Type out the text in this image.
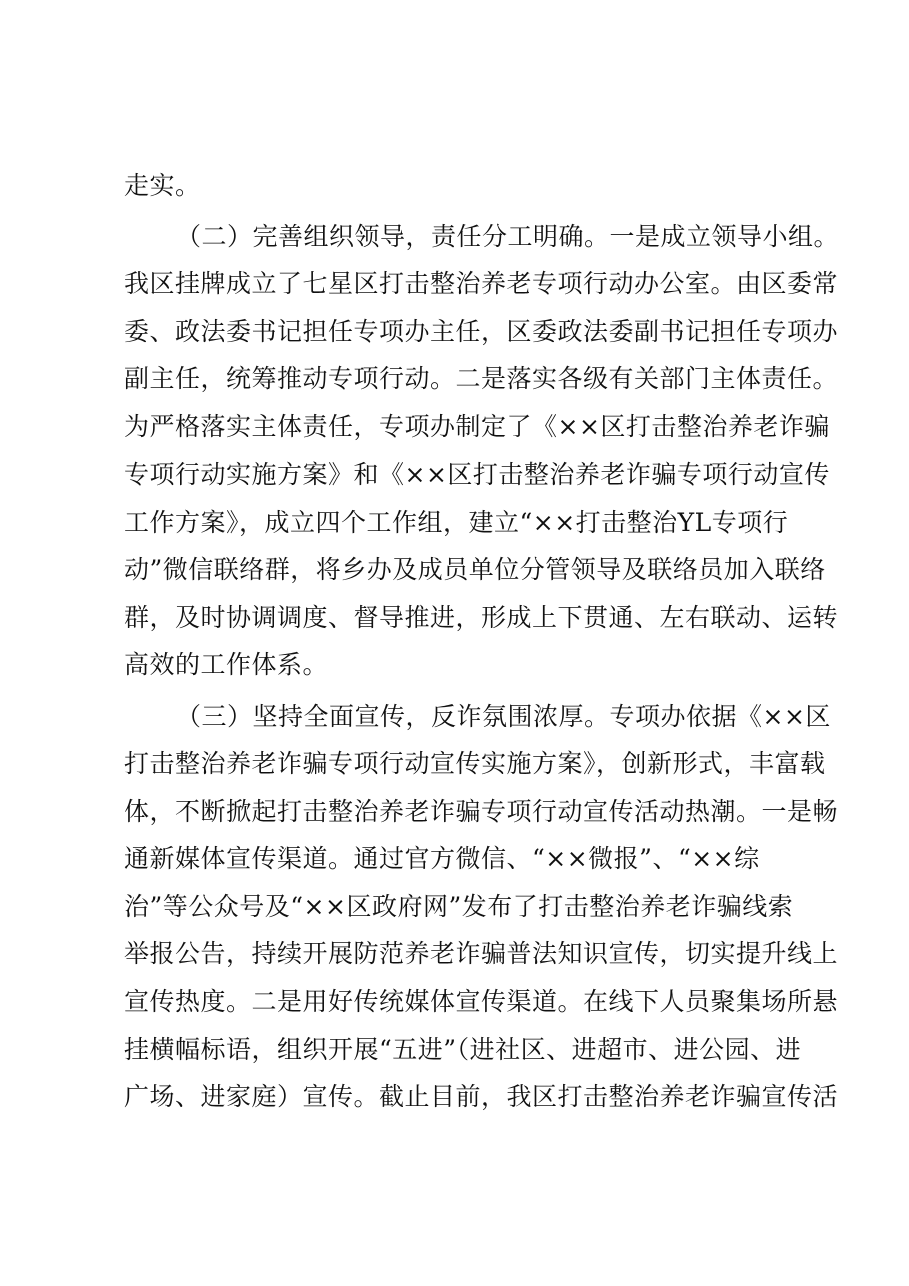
走实。
（二）完善组织领导，责任分工明确。一是成立领导小组。
我区挂牌成立了七星区打击整治养老专项行动办公室。由区委常
委、政法委书记担任专项办主任，区委政法委副书记担任专项办
副主任，统筹推动专项行动。二是落实各级有关部门主体责任。
为严格落实主体责任，专项办制定了《××区打击整治养老诈骗
专项行动实施方案》和《××区打击整治养老诈骗专项行动宣传
工作方案》，成立四个工作组，建立“××打击整治YL专项行
动”微信联络群，将乡办及成员单位分管领导及联络员加入联络
群，及时协调调度、督导推进，形成上下贯通、左右联动、运转
高效的工作体系。
（三）坚持全面宣传，反诈氛围浓厚。专项办依据《××区
打击整治养老诈骗专项行动宣传实施方案》，创新形式，丰富载
体，不断掀起打击整治养老诈骗专项行动宣传活动热潮。一是畅
通新媒体宣传渠道。通过官方微信、“××微报”、“××综
治”等公众号及“××区政府网”发布了打击整治养老诈骗线索
举报公告，持续开展防范养老诈骗普法知识宣传，切实提升线上
宣传热度。二是用好传统媒体宣传渠道。在线下人员聚集场所悬
挂横幅标语，组织开展“五进”（进社区、进超市、进公园、进
广场、进家庭）宣传。截止目前，我区打击整治养老诈骗宣传活
